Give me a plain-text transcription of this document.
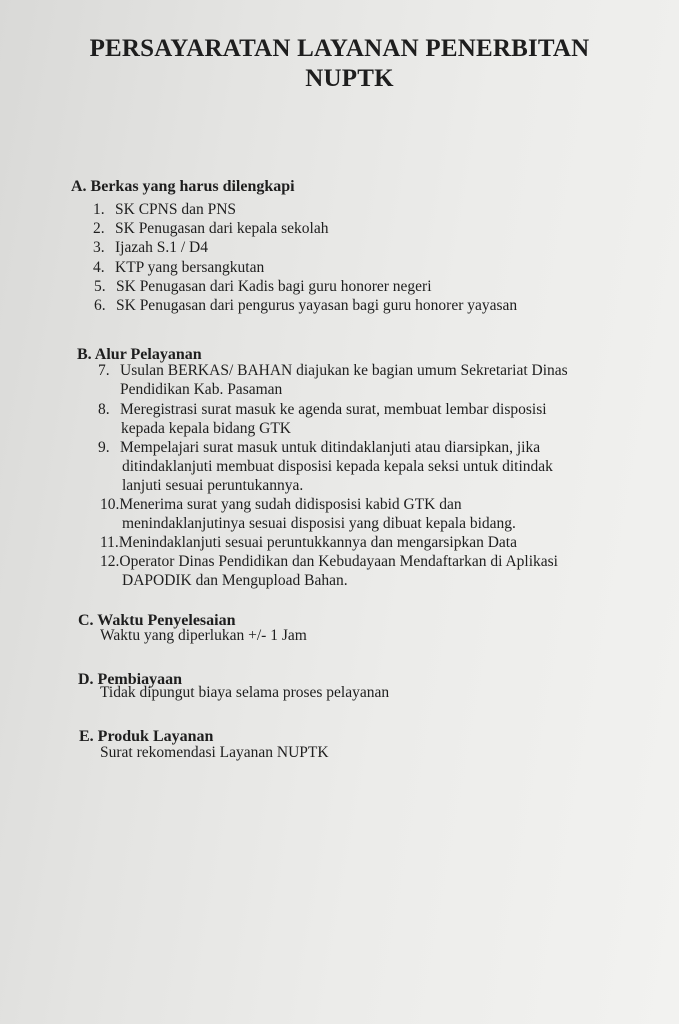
PERSAYARATAN LAYANAN PENERBITAN
NUPTK
A. Berkas yang harus dilengkapi
1. SK CPNS dan PNS
2. SK Penugasan dari kepala sekolah
3. Ijazah S.1 / D4
4. KTP yang bersangkutan
5. SK Penugasan dari Kadis bagi guru honorer negeri
6. SK Penugasan dari pengurus yayasan bagi guru honorer yayasan
B. Alur Pelayanan
7. Usulan BERKAS/ BAHAN diajukan ke bagian umum Sekretariat Dinas
Pendidikan Kab. Pasaman
8. Meregistrasi surat masuk ke agenda surat, membuat lembar disposisi
kepada kepala bidang GTK
9. Mempelajari surat masuk untuk ditindaklanjuti atau diarsipkan, jika
ditindaklanjuti membuat disposisi kepada kepala seksi untuk ditindak
lanjuti sesuai peruntukannya.
10.Menerima surat yang sudah didisposisi kabid GTK dan
menindaklanjutinya sesuai disposisi yang dibuat kepala bidang.
11.Menindaklanjuti sesuai peruntukkannya dan mengarsipkan Data
12.Operator Dinas Pendidikan dan Kebudayaan Mendaftarkan di Aplikasi
DAPODIK dan Mengupload Bahan.
C. Waktu Penyelesaian
Waktu yang diperlukan +/- 1 Jam
D. Pembiayaan
Tidak dipungut biaya selama proses pelayanan
E. Produk Layanan
Surat rekomendasi Layanan NUPTK
